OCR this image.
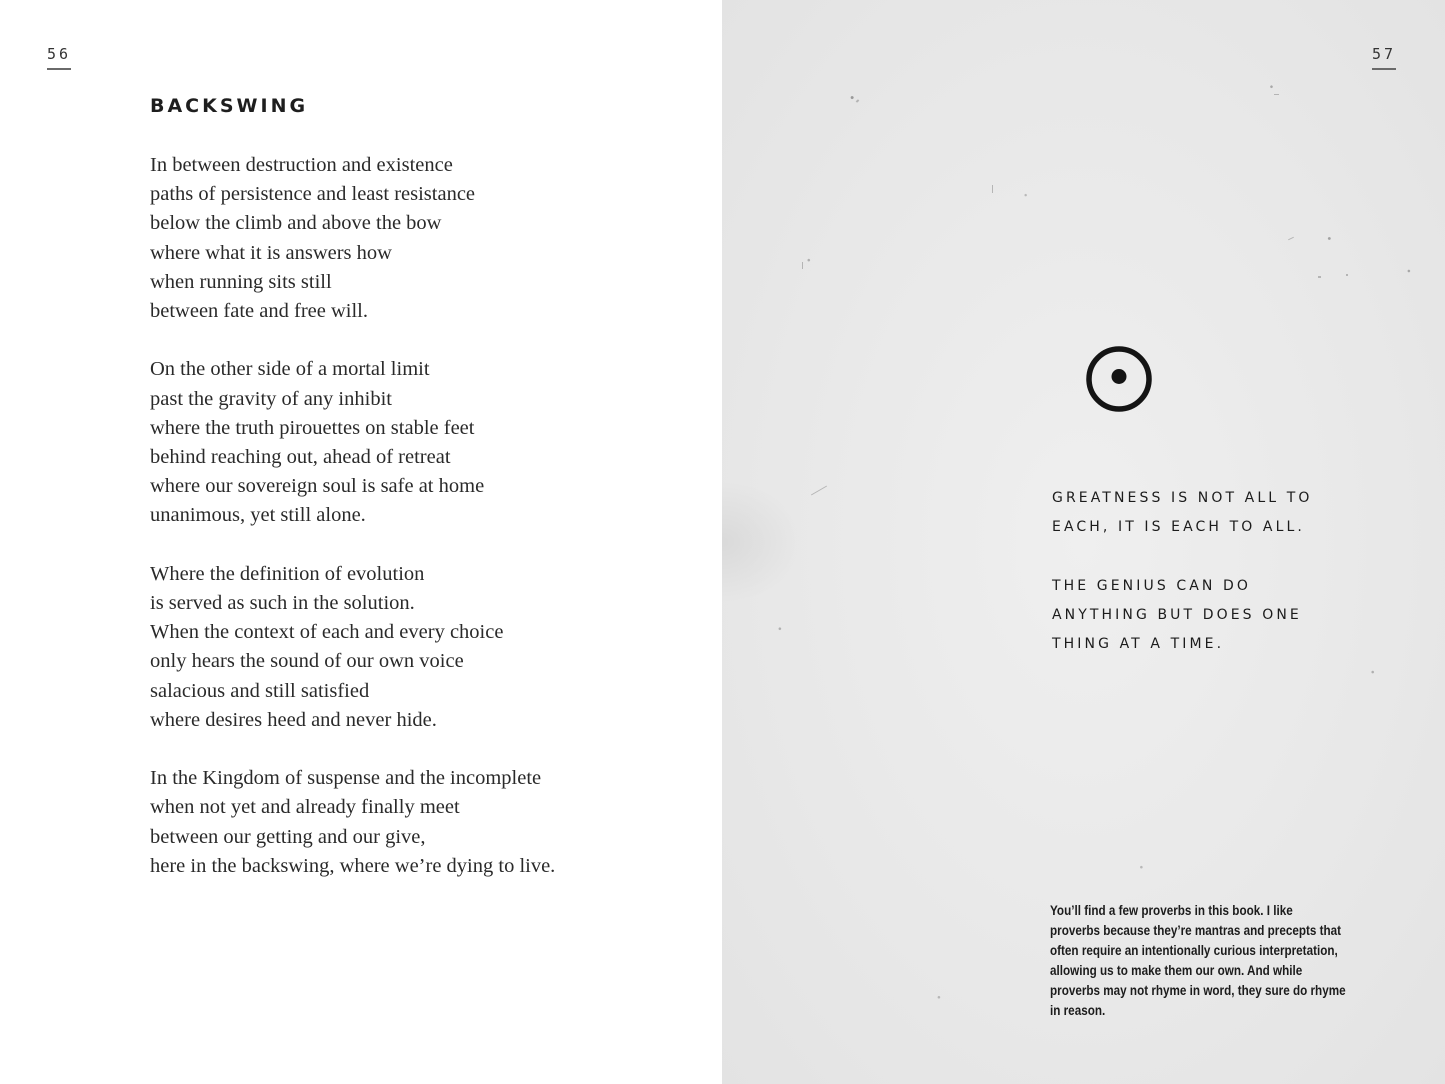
56
BACKSWING

In between destruction and existence
paths of persistence and least resistance
below the climb and above the bow
where what it is answers how
when running sits still
between fate and free will.

On the other side of a mortal limit
past the gravity of any inhibit
where the truth pirouettes on stable feet
behind reaching out, ahead of retreat
where our sovereign soul is safe at home
unanimous, yet still alone.

Where the definition of evolution
is served as such in the solution.
When the context of each and every choice
only hears the sound of our own voice
salacious and still satisfied
where desires heed and never hide.

In the Kingdom of suspense and the incomplete
when not yet and already finally meet
between our getting and our give,
here in the backswing, where we’re dying to live.

57

GREATNESS IS NOT ALL TO
EACH, IT IS EACH TO ALL.

THE GENIUS CAN DO
ANYTHING BUT DOES ONE
THING AT A TIME.

You’ll find a few proverbs in this book. I like
proverbs because they’re mantras and precepts that
often require an intentionally curious interpretation,
allowing us to make them our own. And while
proverbs may not rhyme in word, they sure do rhyme
in reason.
